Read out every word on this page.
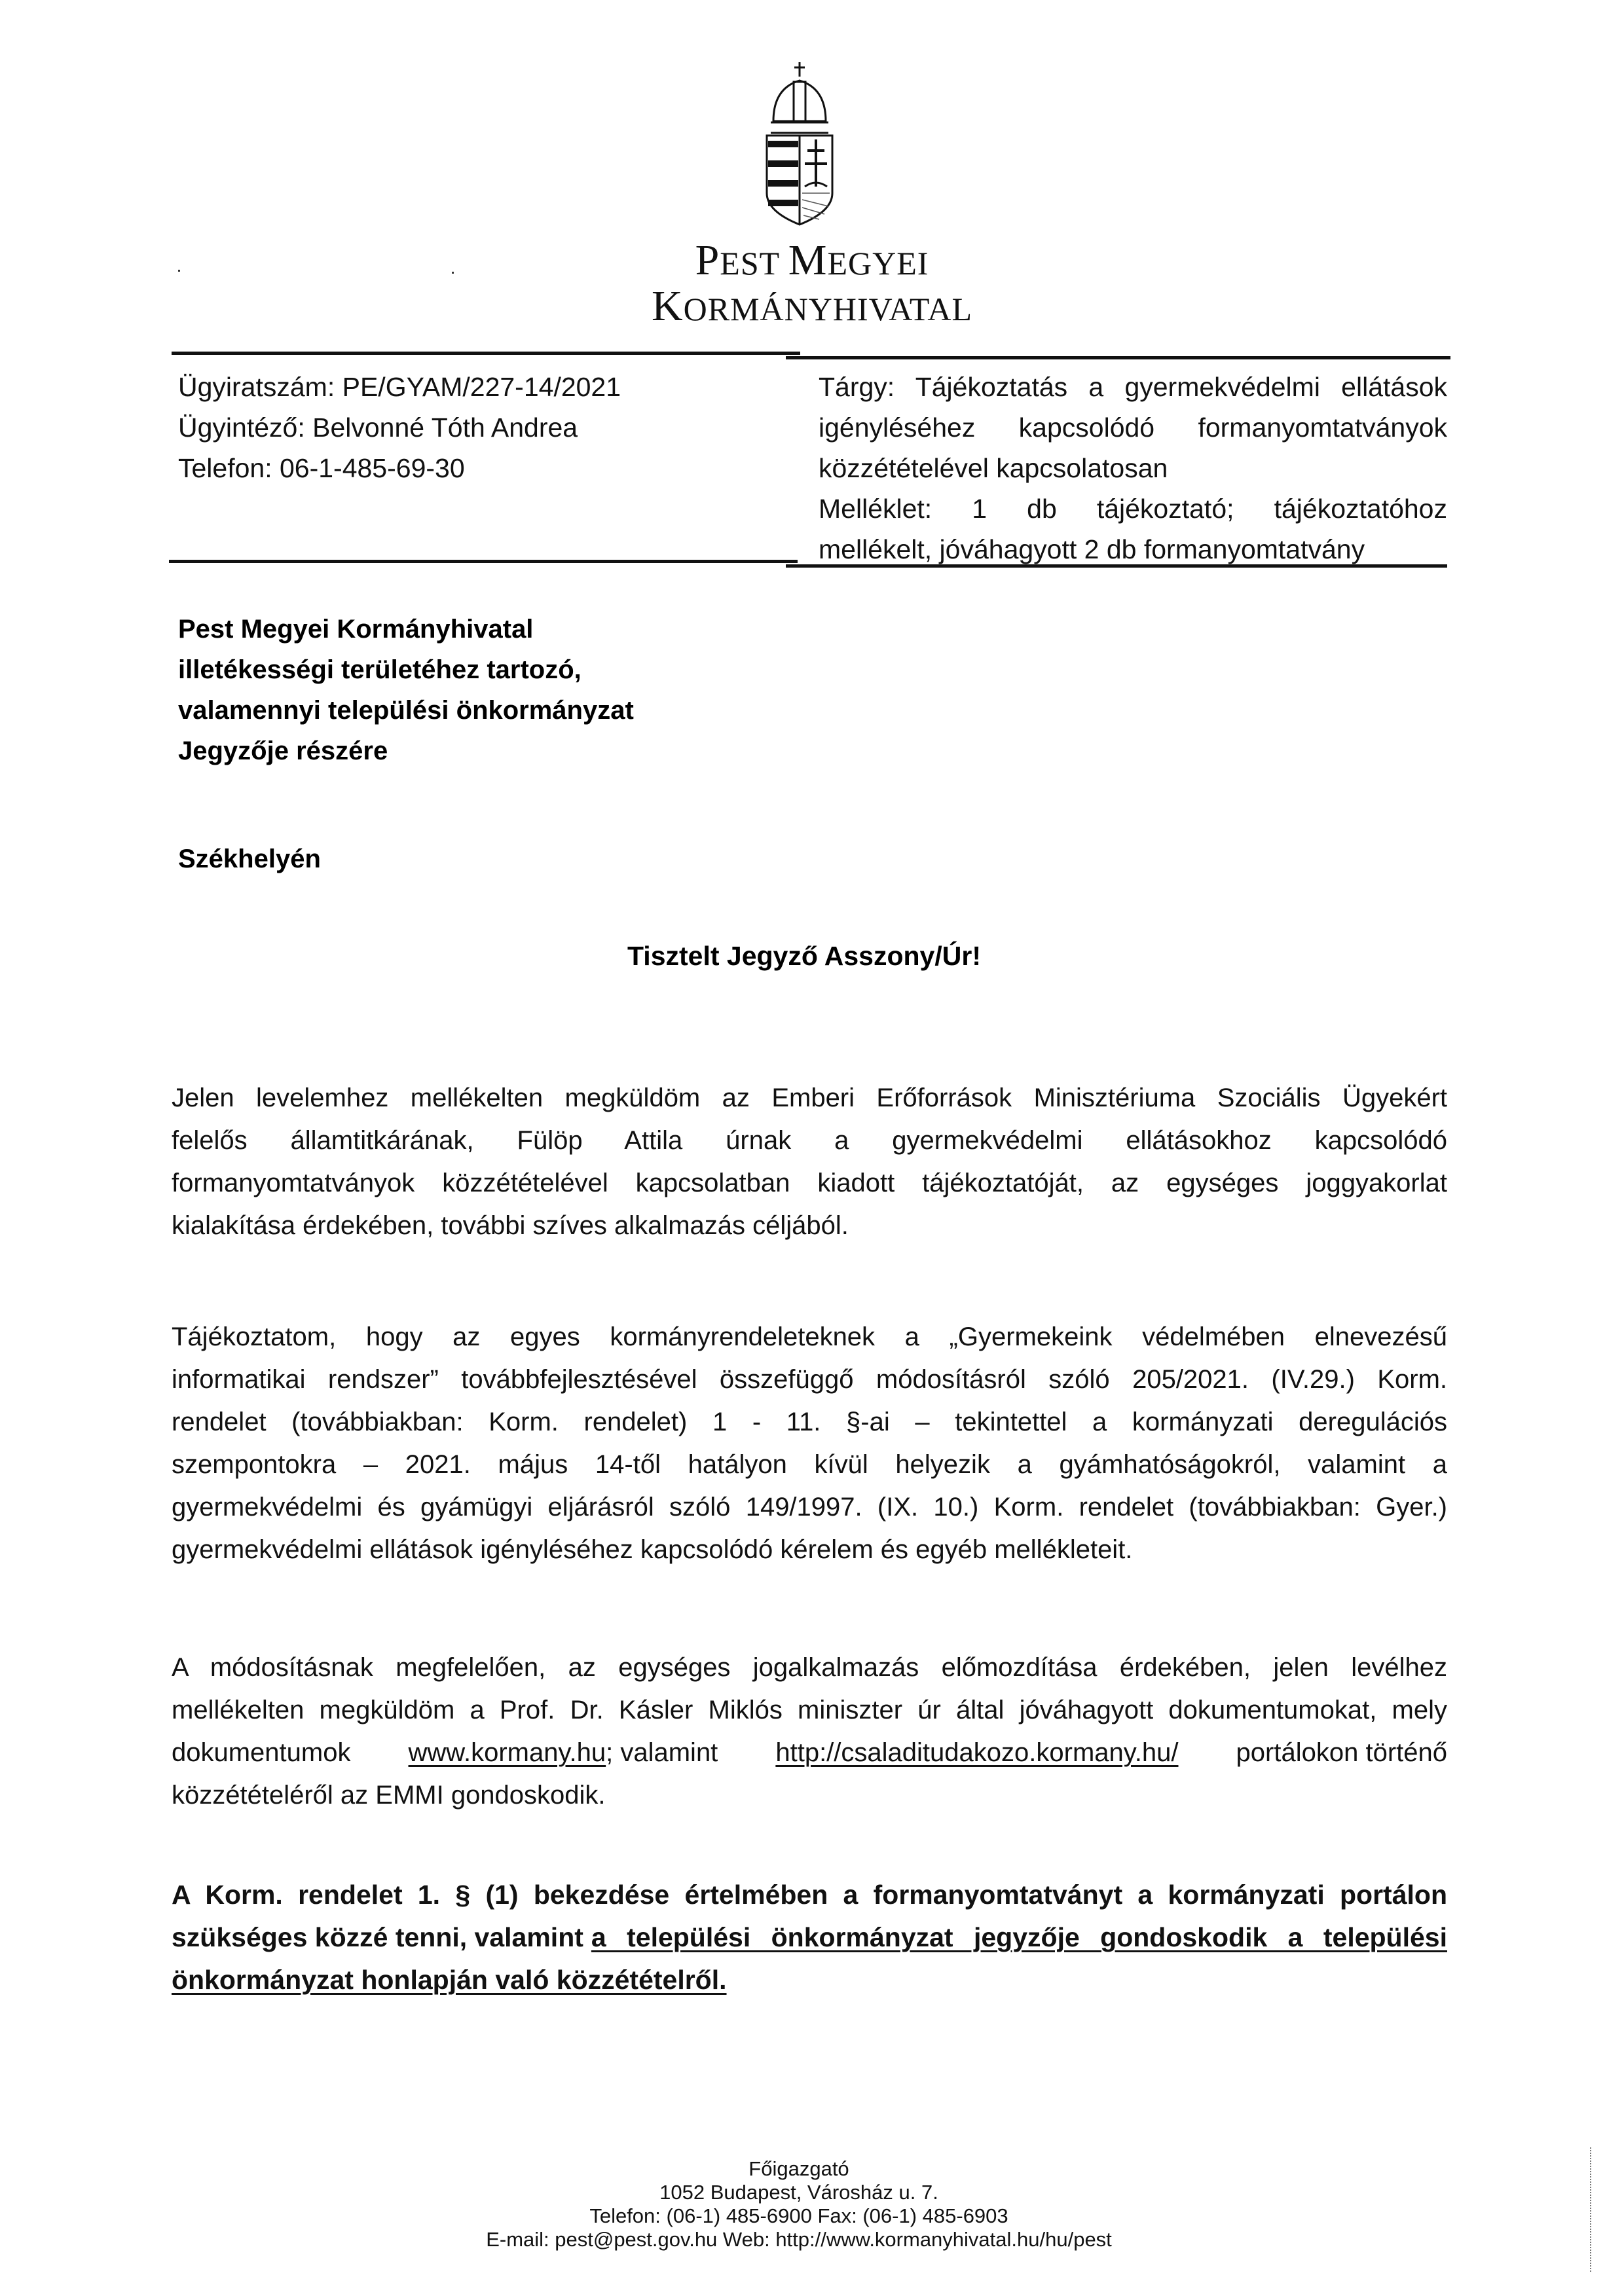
PEST MEGYEI
KORMÁNYHIVATAL
Ügyiratszám: PE/GYAM/227-14/2021
Ügyintéző: Belvonné Tóth Andrea
Telefon: 06-1-485-69-30
Tárgy: Tájékoztatás a gyermekvédelmi ellátások
igényléséhez kapcsolódó formanyomtatványok
közzétételével kapcsolatosan
Melléklet: 1 db tájékoztató; tájékoztatóhoz
mellékelt, jóváhagyott 2 db formanyomtatvány
Pest Megyei Kormányhivatal
illetékességi területéhez tartozó,
valamennyi települési önkormányzat
Jegyzője részére
Székhelyén
Tisztelt Jegyző Asszony/Úr!
Jelen levelemhez mellékelten megküldöm az Emberi Erőforrások Minisztériuma Szociális Ügyekért
felelős államtitkárának, Fülöp Attila úrnak a gyermekvédelmi ellátásokhoz kapcsolódó
formanyomtatványok közzétételével kapcsolatban kiadott tájékoztatóját, az egységes joggyakorlat
kialakítása érdekében, további szíves alkalmazás céljából.
Tájékoztatom, hogy az egyes kormányrendeleteknek a „Gyermekeink védelmében elnevezésű
informatikai rendszer” továbbfejlesztésével összefüggő módosításról szóló 205/2021. (IV.29.) Korm.
rendelet (továbbiakban: Korm. rendelet) 1 - 11. §-ai – tekintettel a kormányzati deregulációs
szempontokra – 2021. május 14-től hatályon kívül helyezik a gyámhatóságokról, valamint a
gyermekvédelmi és gyámügyi eljárásról szóló 149/1997. (IX. 10.) Korm. rendelet (továbbiakban: Gyer.)
gyermekvédelmi ellátások igényléséhez kapcsolódó kérelem és egyéb mellékleteit.
A módosításnak megfelelően, az egységes jogalkalmazás előmozdítása érdekében, jelen levélhez
mellékelten megküldöm a Prof. Dr. Kásler Miklós miniszter úr által jóváhagyott dokumentumokat, mely
dokumentumok www.kormany.hu; valamint http://csaladitudakozo.kormany.hu/ portálokon történő
közzétételéről az EMMI gondoskodik.
A Korm. rendelet 1. § (1) bekezdése értelmében a formanyomtatványt a kormányzati portálon
szükséges közzé tenni, valamint a települési önkormányzat jegyzője gondoskodik a települési
önkormányzat honlapján való közzétételről.
Főigazgató
1052 Budapest, Városház u. 7.
Telefon: (06-1) 485-6900 Fax: (06-1) 485-6903
E-mail: pest@pest.gov.hu Web: http://www.kormanyhivatal.hu/hu/pest
